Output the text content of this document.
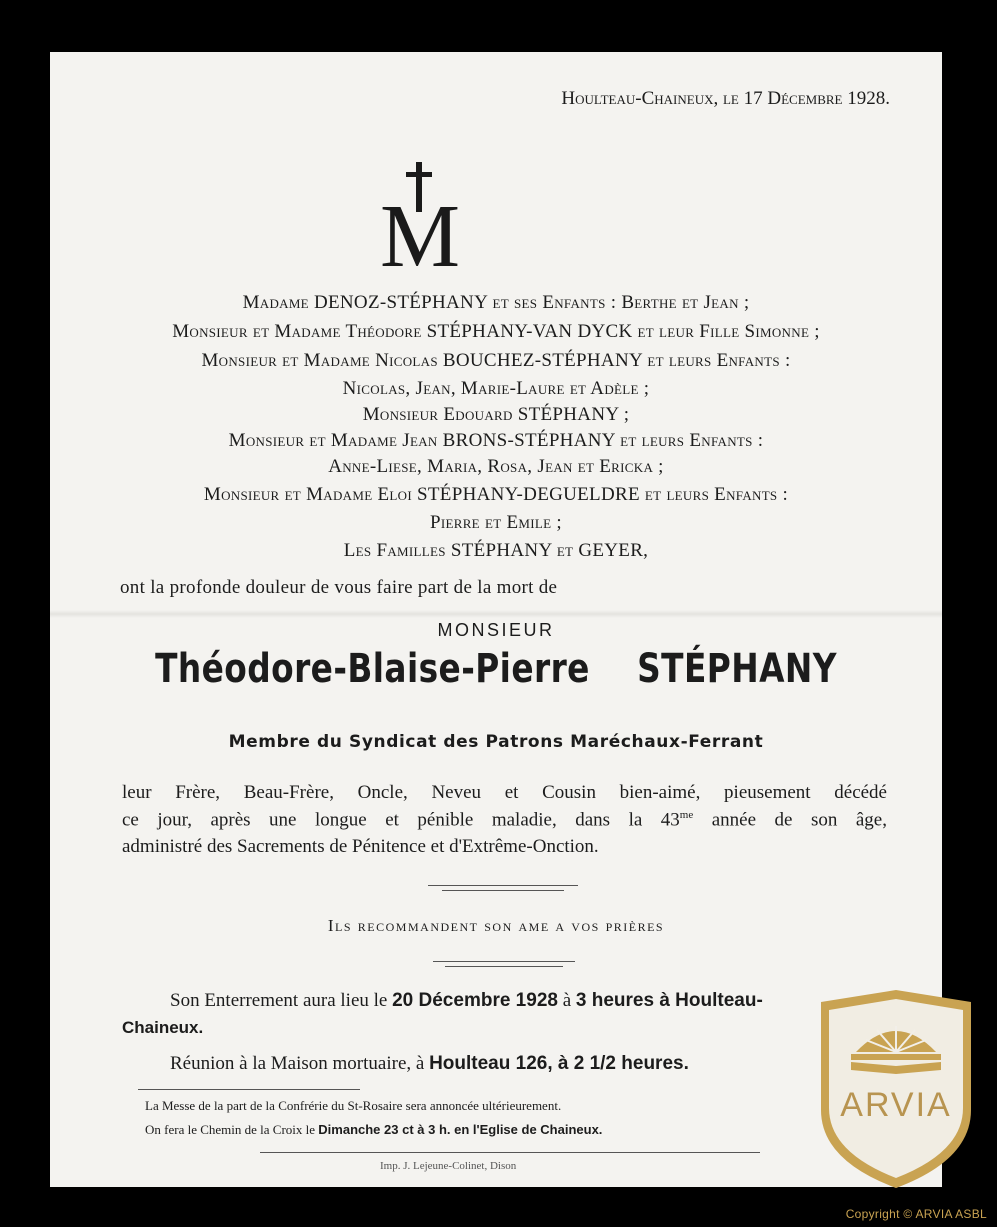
Houlteau-Chaineux, le 17 Décembre 1928.
M
Madame DENOZ-STÉPHANY et ses Enfants : Berthe et Jean ;
Monsieur et Madame Théodore STÉPHANY-VAN DYCK et leur Fille Simonne ;
Monsieur et Madame Nicolas BOUCHEZ-STÉPHANY et leurs Enfants :
Nicolas, Jean, Marie-Laure et Adèle ;
Monsieur Edouard STÉPHANY ;
Monsieur et Madame Jean BRONS-STÉPHANY et leurs Enfants :
Anne-Liese, Maria, Rosa, Jean et Ericka ;
Monsieur et Madame Eloi STÉPHANY-DEGUELDRE et leurs Enfants :
Pierre et Emile ;
Les Familles STÉPHANY et GEYER,
ont la profonde douleur de vous faire part de la mort de
MONSIEUR
Théodore-Blaise-Pierre STÉPHANY
Membre du Syndicat des Patrons Maréchaux-Ferrant
leur Frère, Beau-Frère, Oncle, Neveu et Cousin bien-aimé, pieusement décédé
ce jour, après une longue et pénible maladie, dans la $43^{me}$ année de son âge,
administré des Sacrements de Pénitence et d'Extrême-Onction.
Ils recommandent son ame a vos prières
Son Enterrement aura lieu le 20 Décembre 1928 à 3 heures à Houlteau-
Chaineux.
Réunion à la Maison mortuaire, à Houlteau 126, à 2 1/2 heures.
La Messe de la part de la Confrérie du St-Rosaire sera annoncée ultérieurement.
On fera le Chemin de la Croix le Dimanche 23 ct à 3 h. en l'Eglise de Chaineux.
Imp. J. Lejeune-Colinet, Dison
ARVIA
Copyright © ARVIA ASBL
